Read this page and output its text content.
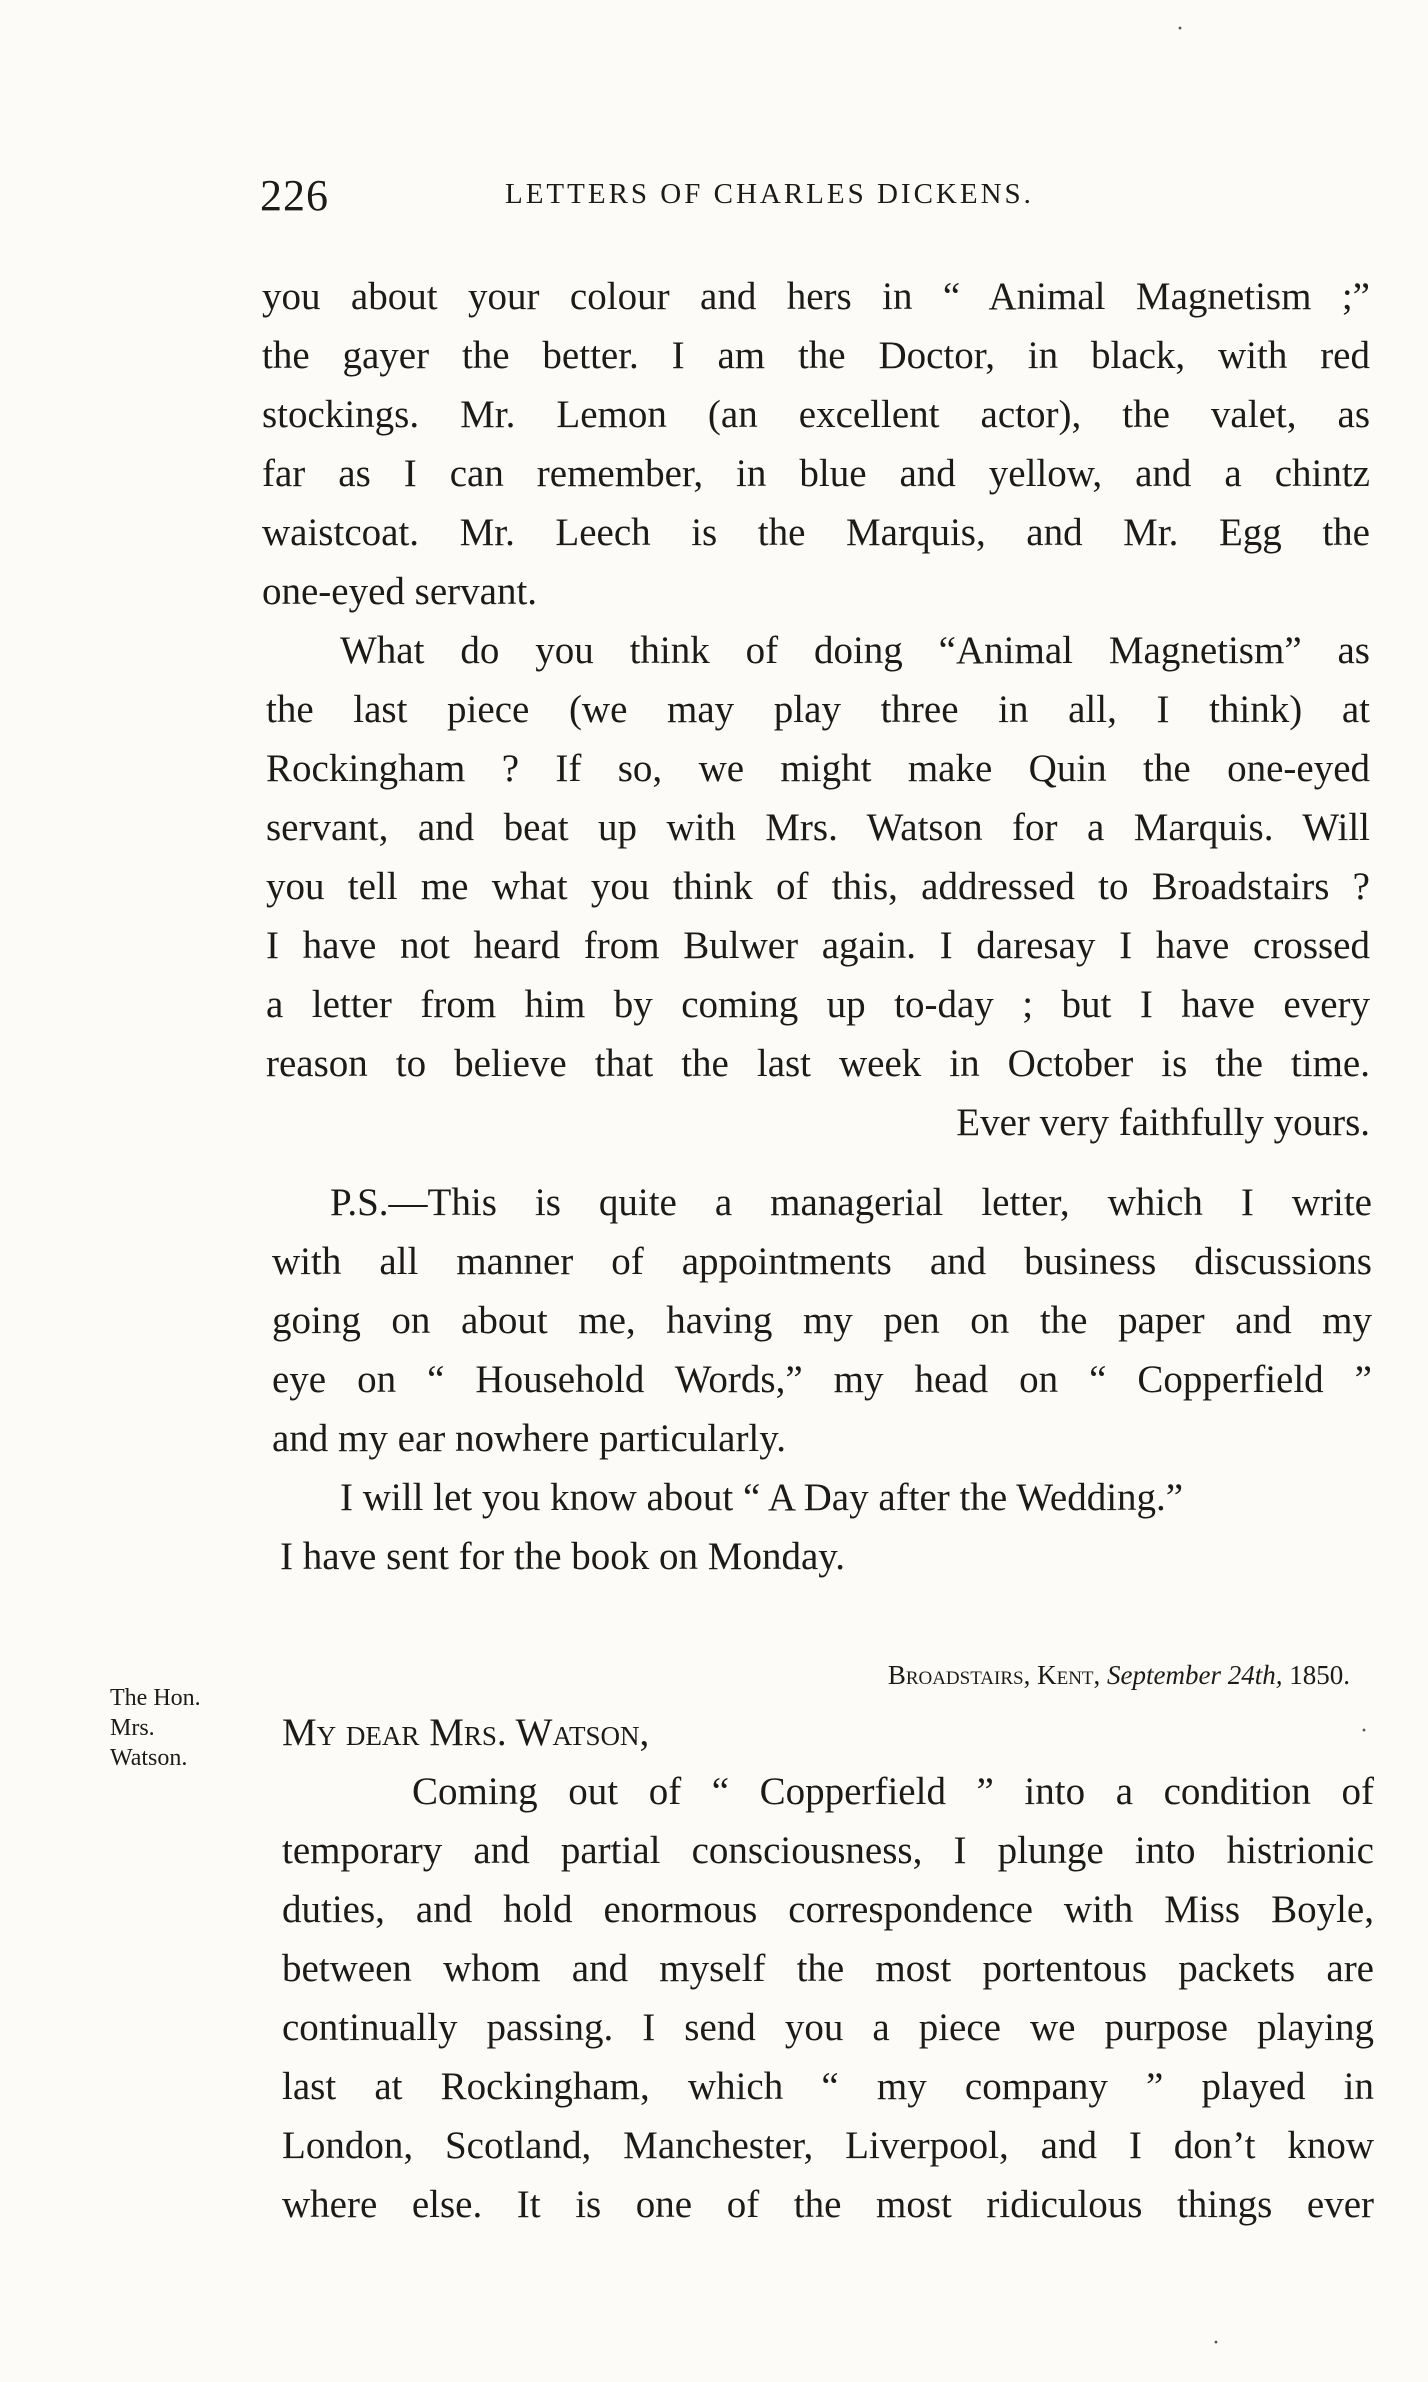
226	LETTERS OF CHARLES DICKENS.
you about your colour and hers in “ Animal Magnetism ;”
the gayer the better. I am the Doctor, in black, with red
stockings. Mr. Lemon (an excellent actor), the valet, as
far as I can remember, in blue and yellow, and a chintz
waistcoat. Mr. Leech is the Marquis, and Mr. Egg the
one-eyed servant.
What do you think of doing “Animal Magnetism” as
the last piece (we may play three in all, I think) at
Rockingham ? If so, we might make Quin the one-eyed
servant, and beat up with Mrs. Watson for a Marquis. Will
you tell me what you think of this, addressed to Broadstairs ?
I have not heard from Bulwer again. I daresay I have crossed
a letter from him by coming up to-day ; but I have every
reason to believe that the last week in October is the time.
Ever very faithfully yours.
P.S.—This is quite a managerial letter, which I write
with all manner of appointments and business discussions
going on about me, having my pen on the paper and my
eye on “ Household Words,” my head on “ Copperfield ”
and my ear nowhere particularly.
I will let you know about “ A Day after the Wedding.”
I have sent for the book on Monday.
Broadstairs, Kent, September 24th, 1850.
The Hon.
Mrs.
Watson.
My dear Mrs. Watson,
Coming out of “ Copperfield ” into a condition of
temporary and partial consciousness, I plunge into histrionic
duties, and hold enormous correspondence with Miss Boyle,
between whom and myself the most portentous packets are
continually passing. I send you a piece we purpose playing
last at Rockingham, which “ my company ” played in
London, Scotland, Manchester, Liverpool, and I don’t know
where else. It is one of the most ridiculous things ever
·
·
·
